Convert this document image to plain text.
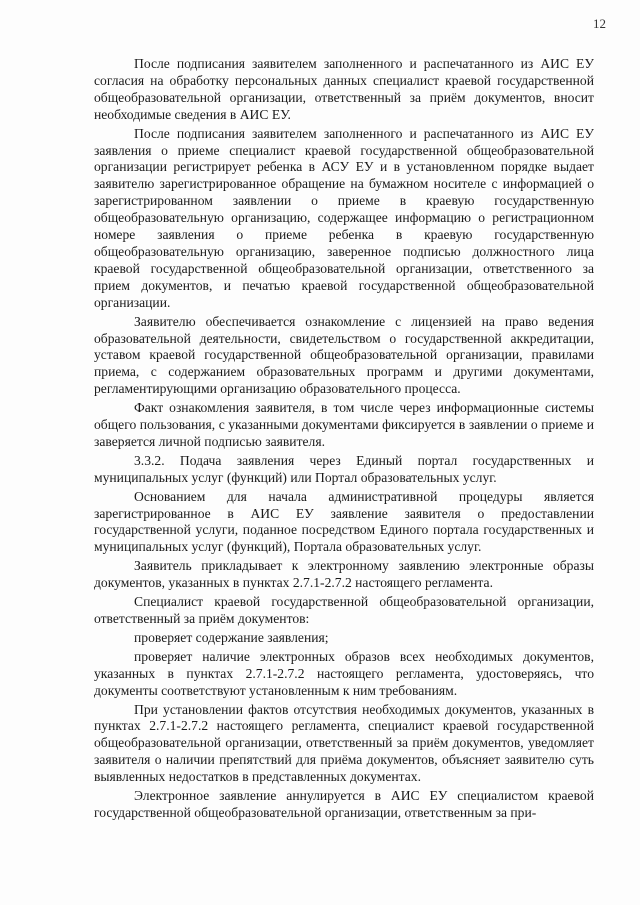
12

После подписания заявителем заполненного и распечатанного из АИС ЕУ согласия на обработку персональных данных специалист краевой государственной общеобразовательной организации, ответственный за приём документов, вносит необходимые сведения в АИС ЕУ.

После подписания заявителем заполненного и распечатанного из АИС ЕУ заявления о приеме специалист краевой государственной общеобразовательной организации регистрирует ребенка в АСУ ЕУ и в установленном порядке выдает заявителю зарегистрированное обращение на бумажном носителе с информацией о зарегистрированном заявлении о приеме в краевую государственную общеобразовательную организацию, содержащее информацию о регистрационном номере заявления о приеме ребенка в краевую государственную общеобразовательную организацию, заверенное подписью должностного лица краевой государственной общеобразовательной организации, ответственного за прием документов, и печатью краевой государственной общеобразовательной организации.

Заявителю обеспечивается ознакомление с лицензией на право ведения образовательной деятельности, свидетельством о государственной аккредитации, уставом краевой государственной общеобразовательной организации, правилами приема, с содержанием образовательных программ и другими документами, регламентирующими организацию образовательного процесса.

Факт ознакомления заявителя, в том числе через информационные системы общего пользования, с указанными документами фиксируется в заявлении о приеме и заверяется личной подписью заявителя.

3.3.2. Подача заявления через Единый портал государственных и муниципальных услуг (функций) или Портал образовательных услуг.

Основанием для начала административной процедуры является зарегистрированное в АИС ЕУ заявление заявителя о предоставлении государственной услуги, поданное посредством Единого портала государственных и муниципальных услуг (функций), Портала образовательных услуг.

Заявитель прикладывает к электронному заявлению электронные образы документов, указанных в пунктах 2.7.1-2.7.2 настоящего регламента.

Специалист краевой государственной общеобразовательной организации, ответственный за приём документов:

проверяет содержание заявления;

проверяет наличие электронных образов всех необходимых документов, указанных в пунктах 2.7.1-2.7.2 настоящего регламента, удостоверяясь, что документы соответствуют установленным к ним требованиям.

При установлении фактов отсутствия необходимых документов, указанных в пунктах 2.7.1-2.7.2 настоящего регламента, специалист краевой государственной общеобразовательной организации, ответственный за приём документов, уведомляет заявителя о наличии препятствий для приёма документов, объясняет заявителю суть выявленных недостатков в представленных документах.

Электронное заявление аннулируется в АИС ЕУ специалистом краевой государственной общеобразовательной организации, ответственным за при-
